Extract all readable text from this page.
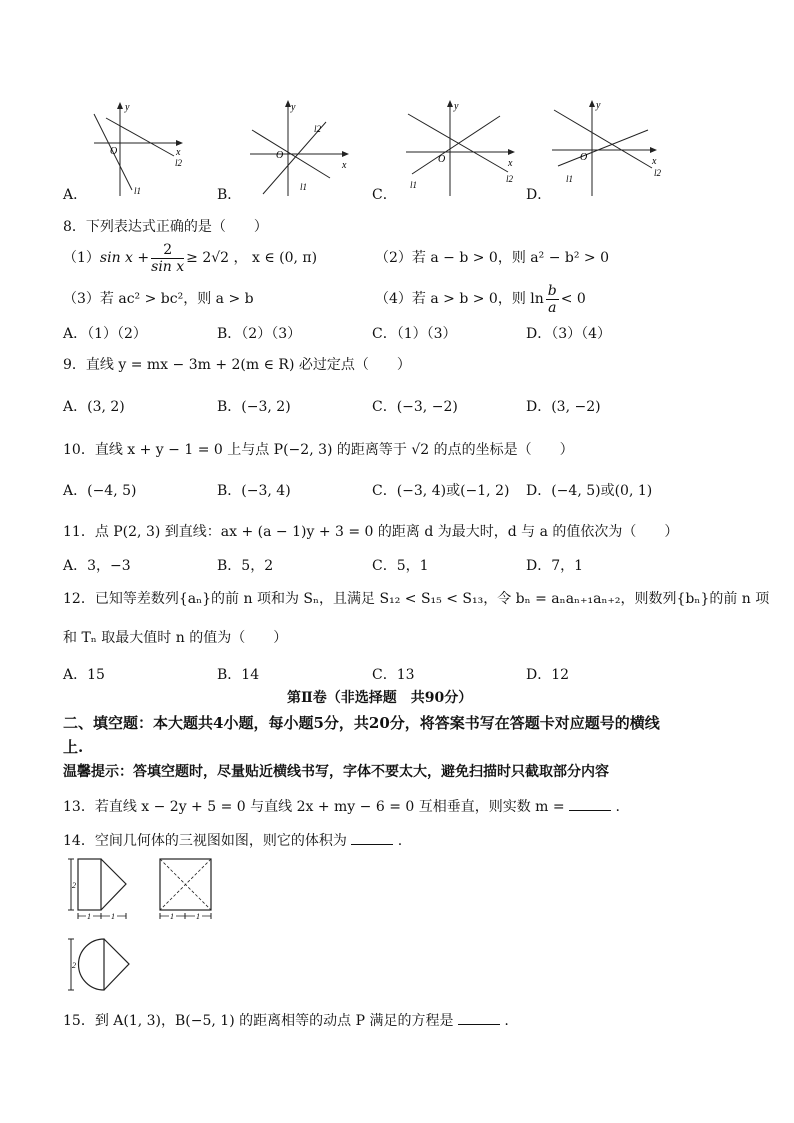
y
x
O
l1
l2
A．
y
x
O
l1
l2
B．
y
x
O
l1
l2
C．
y
x
O
l1
l2
D．
8．下列表达式正确的是（　　）
（1） $\sin x + \frac{2}{\text{sin x}} \ge 2√2$ ， x ∈ (0, π)	（2）若 a − b > 0，则 a² − b² > 0
（3）若 ac² > bc²，则 a > b	（4）若 a > b > 0，则 $\ln \frac{b}{a} < 0$
A．（1）（2）	B．（2）（3）	C．（1）（3）	D．（3）（4）
9．直线 y = mx − 3m + 2(m ∈ R) 必过定点（　　）
A．(3, 2)	B．(−3, 2)	C．(−3, −2)	D．(3, −2)
10．直线 x + y − 1 = 0 上与点 P(−2, 3) 的距离等于 √2 的点的坐标是（　　）
A．(−4, 5)	B．(−3, 4)	C．(−3, 4)或(−1, 2) D．(−4, 5)或(0, 1)
11．点 P(2, 3) 到直线：ax + (a − 1)y + 3 = 0 的距离 d 为最大时，d 与 a 的值依次为（　　）
A．3，−3	B．5，2	C．5，1	D．7，1
12．已知等差数列{aₙ}的前 n 项和为 Sₙ，且满足 S₁₂ < S₁₅ < S₁₃，令 bₙ = aₙaₙ₊₁aₙ₊₂，则数列{bₙ}的前 n 项
和 Tₙ 取最大值时 n 的值为（　　）
A．15	B．14	C．13	D．12
第Ⅱ卷（非选择题　共90分）
二、填空题：本大题共4小题，每小题5分，共20分，将答案书写在答题卡对应题号的横线
上.
温馨提示：答填空题时，尽量贴近横线书写，字体不要太大，避免扫描时只截取部分内容
13．若直线 x − 2y + 5 = 0 与直线 2x + my − 6 = 0 互相垂直，则实数 m =	.
14．空间几何体的三视图如图，则它的体积为	.
2
1	1	1	1
2
15．到 A(1, 3)，B(−5, 1) 的距离相等的动点 P 满足的方程是	.
